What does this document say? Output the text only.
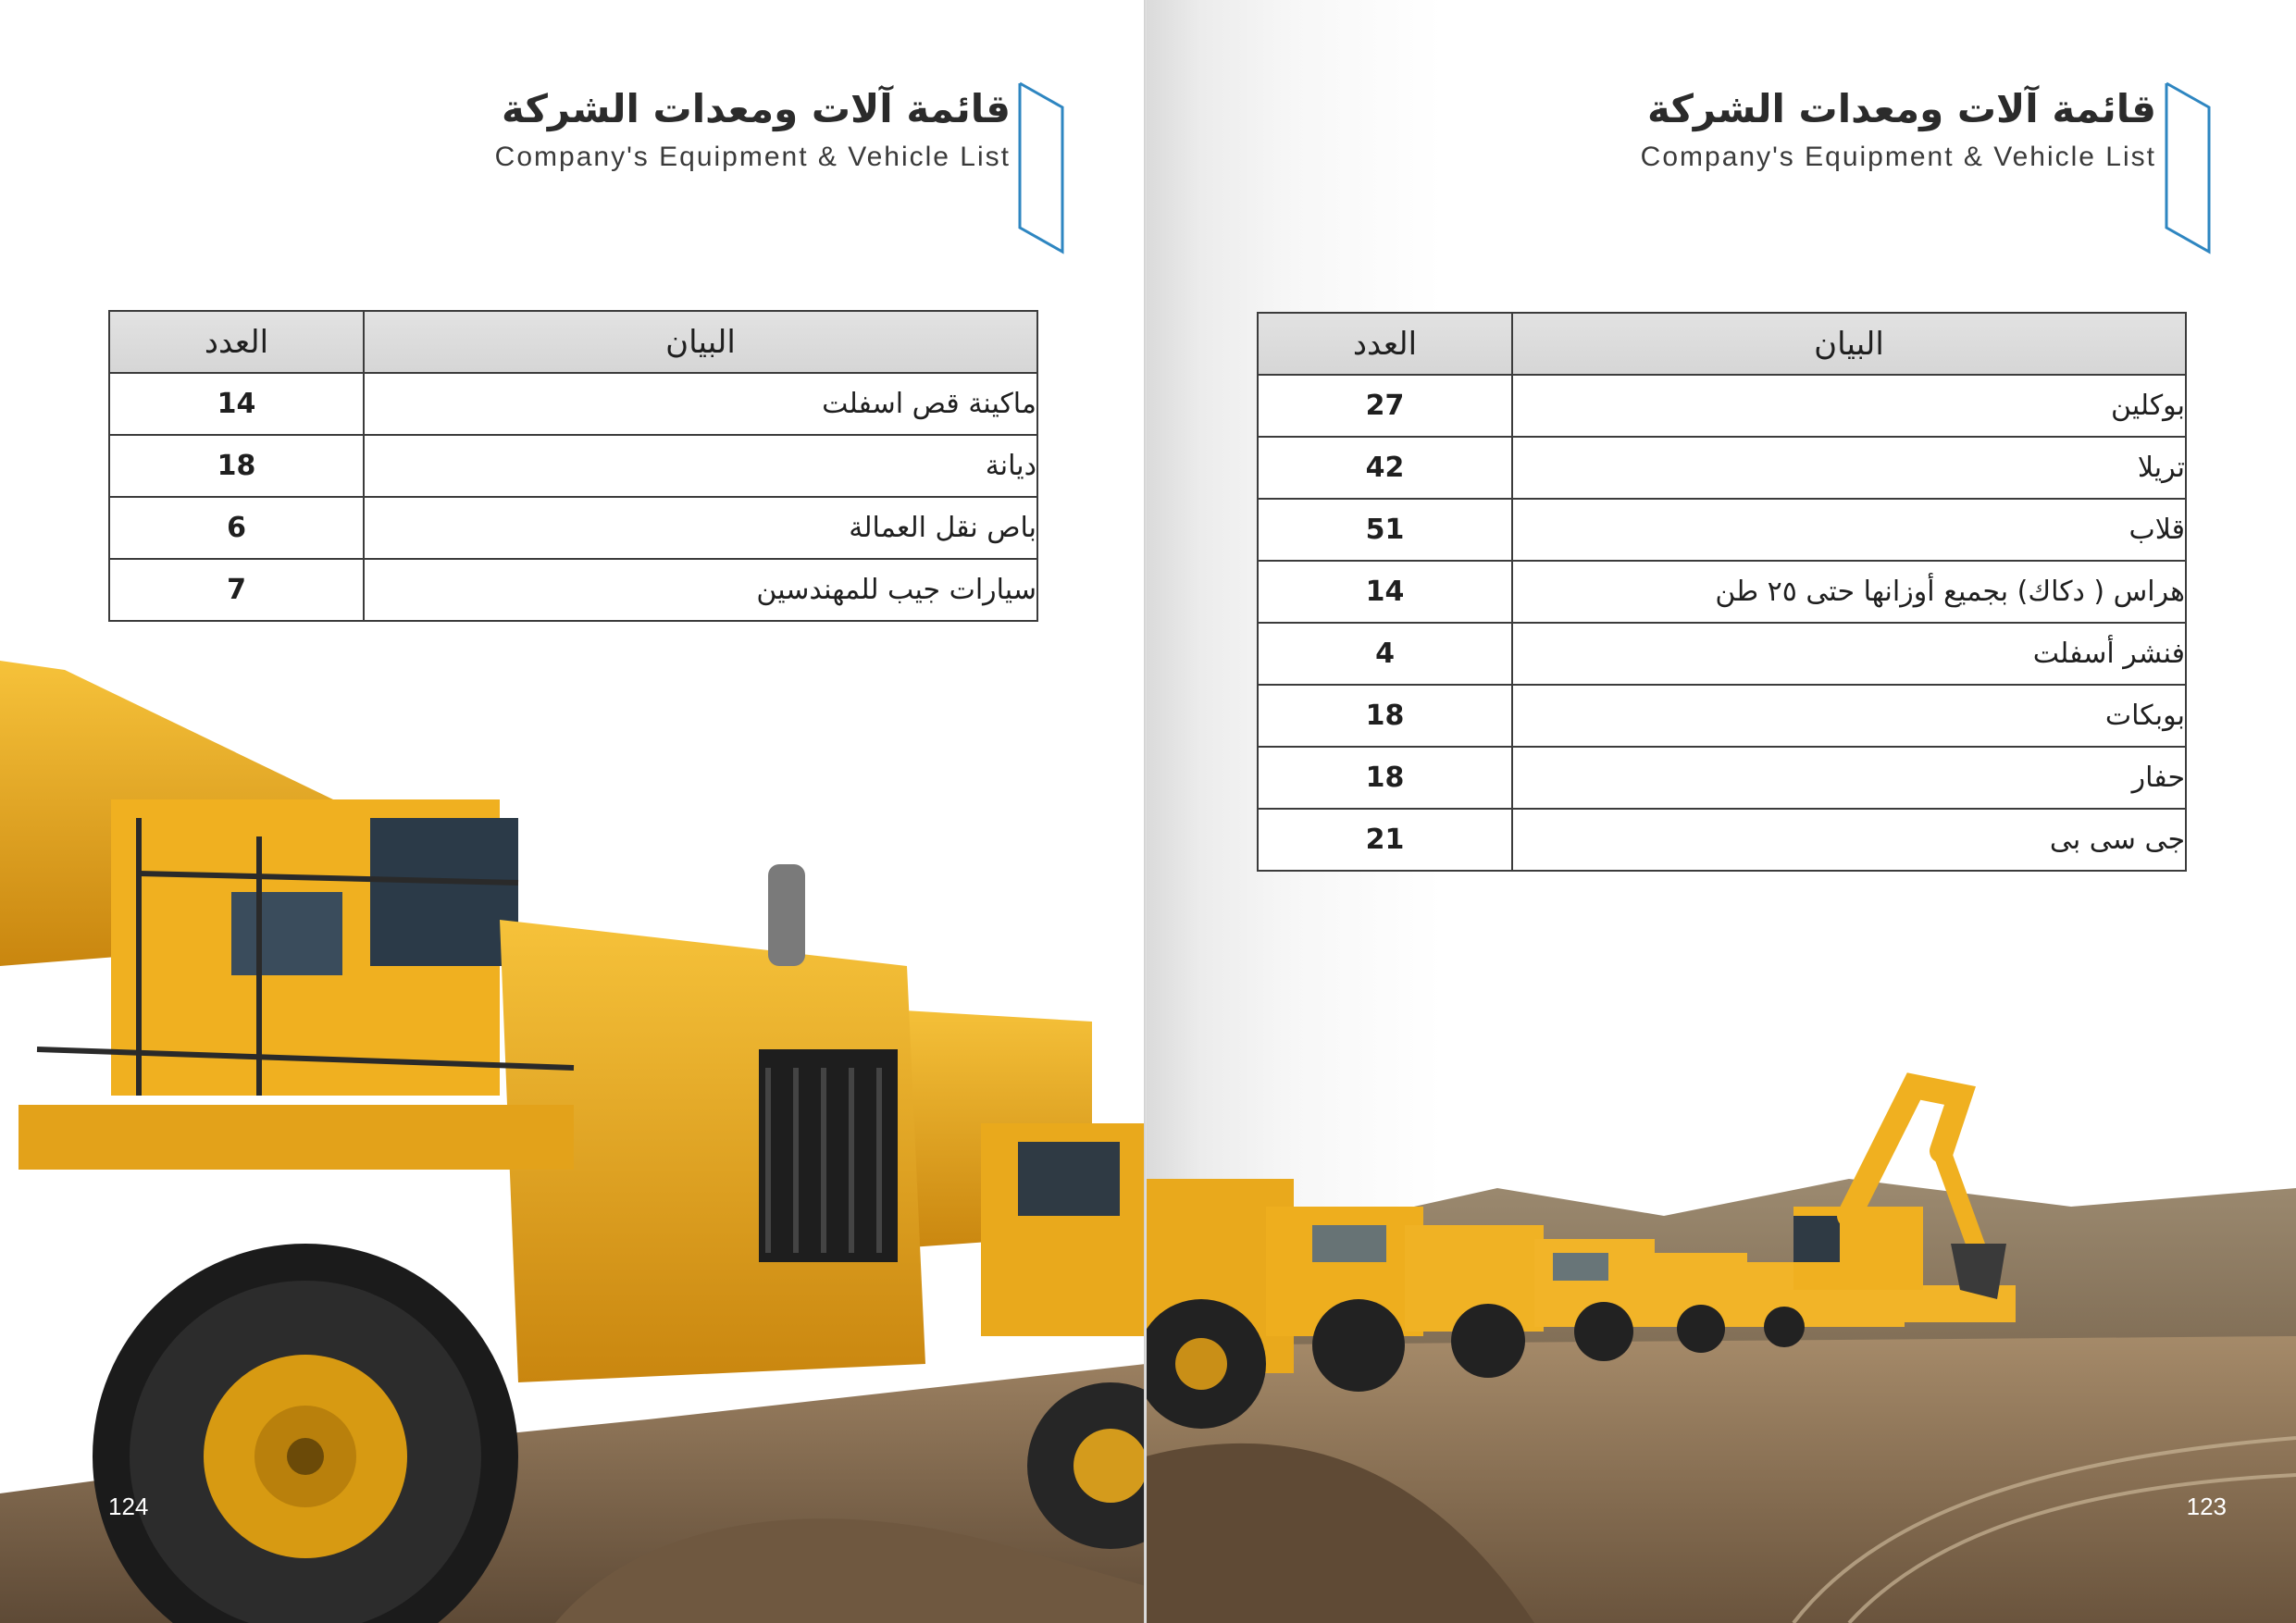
قائمة آلات ومعدات الشركة
Company's Equipment & Vehicle List
العدد	البيان
14	ماكينة قص اسفلت
18	ديانة
6	باص نقل العمالة
7	سيارات جيب للمهندسين
124
قائمة آلات ومعدات الشركة
Company's Equipment & Vehicle List
العدد	البيان
27	بوكلين
42	تريلا
51	قلاب
14	هراس ( دكاك) بجميع أوزانها حتى ٢٥ طن
4	فنشر أسفلت
18	بوبكات
18	حفار
21	جى سى بى
123
